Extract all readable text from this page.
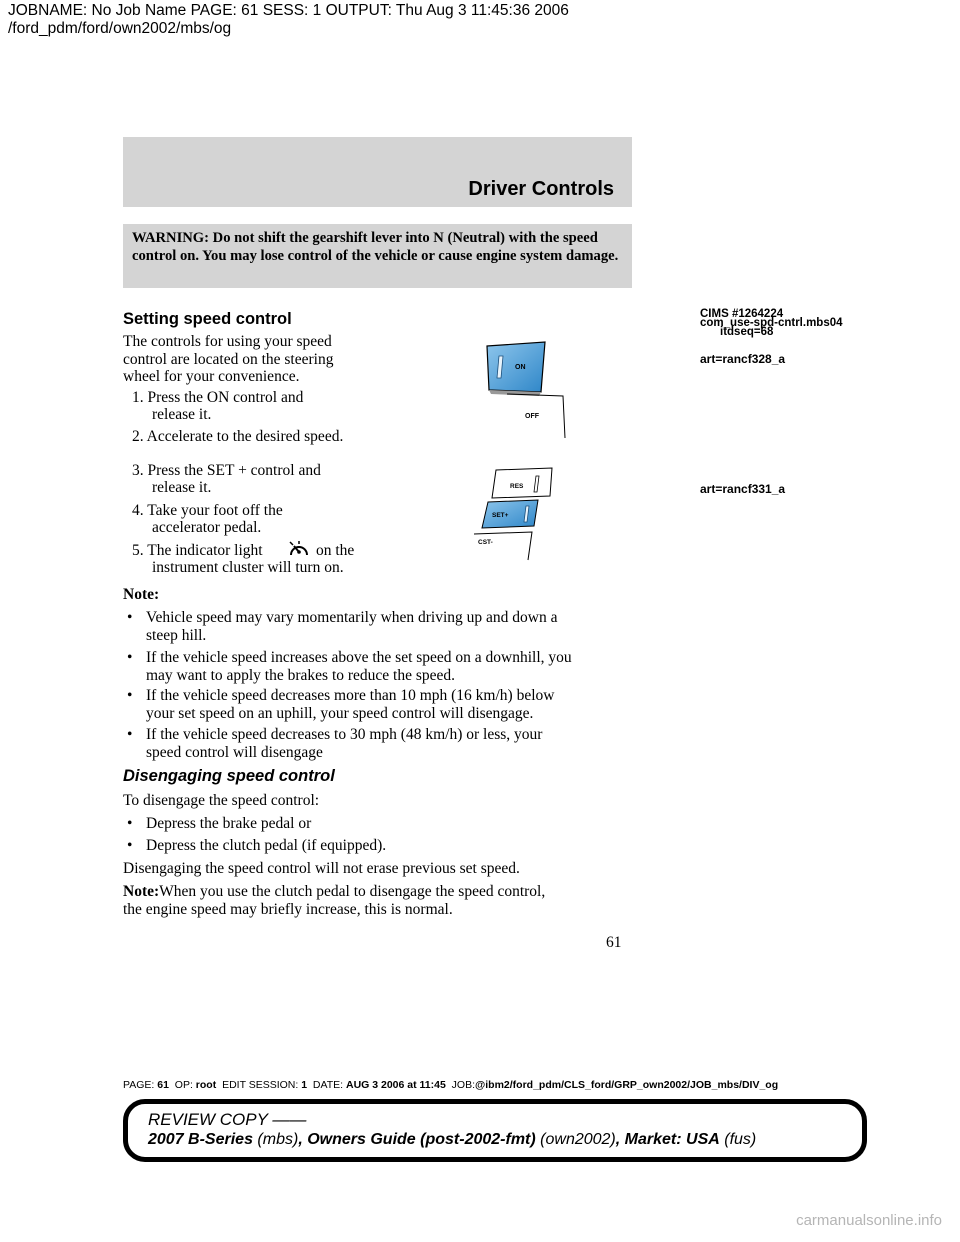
JOBNAME: No Job Name PAGE: 61 SESS: 1 OUTPUT: Thu Aug 3 11:45:36 2006
/ford_pdm/ford/own2002/mbs/og
Driver Controls
WARNING: Do not shift the gearshift lever into N (Neutral) with the speed control on. You may lose control of the vehicle or cause engine system damage.
CIMS #1264224
com_use-spd-cntrl.mbs04
itdseq=68
art=rancf328_a
art=rancf331_a
Setting speed control
The controls for using your speed
control are located on the steering
wheel for your convenience.
1. Press the ON control and
release it.
2. Accelerate to the desired speed.
3. Press the SET + control and
release it.
4. Take your foot off the
accelerator pedal.
5. The indicator light	on the
instrument cluster will turn on.
ON
OFF
RES
SET+
CST-
Note:
• Vehicle speed may vary momentarily when driving up and down a
steep hill.
• If the vehicle speed increases above the set speed on a downhill, you
may want to apply the brakes to reduce the speed.
• If the vehicle speed decreases more than 10 mph (16 km/h) below
your set speed on an uphill, your speed control will disengage.
• If the vehicle speed decreases to 30 mph (48 km/h) or less, your
speed control will disengage
Disengaging speed control
To disengage the speed control:
• Depress the brake pedal or
• Depress the clutch pedal (if equipped).
Disengaging the speed control will not erase previous set speed.
Note:When you use the clutch pedal to disengage the speed control,
the engine speed may briefly increase, this is normal.
61
PAGE: 61 OP: root EDIT SESSION: 1 DATE: AUG 3 2006 at 11:45 JOB:@ibm2/ford_pdm/CLS_ford/GRP_own2002/JOB_mbs/DIV_og
REVIEW COPY ——
2007 B-Series (mbs), Owners Guide (post-2002-fmt) (own2002), Market: USA (fus)
carmanualsonline.info
